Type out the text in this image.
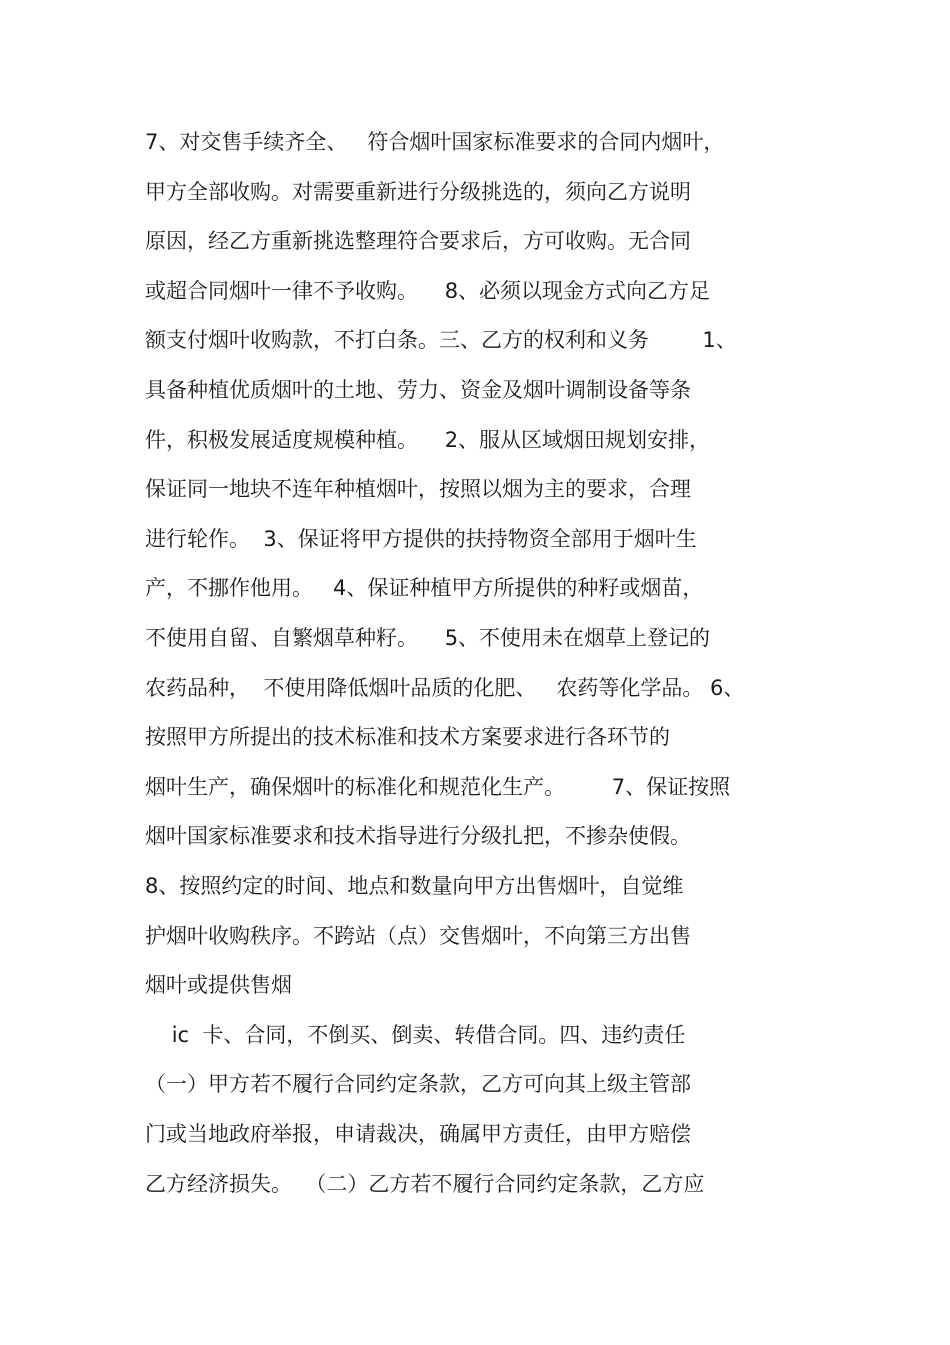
7、对交售手续齐全、   符合烟叶国家标准要求的合同内烟叶，

甲方全部收购。对需要重新进行分级挑选的，须向乙方说明

原因，经乙方重新挑选整理符合要求后，方可收购。无合同

或超合同烟叶一律不予收购。    8、必须以现金方式向乙方足

额支付烟叶收购款，不打白条。三、乙方的权利和义务        1、

具备种植优质烟叶的土地、劳力、资金及烟叶调制设备等条

件，积极发展适度规模种植。    2、服从区域烟田规划安排，

保证同一地块不连年种植烟叶，按照以烟为主的要求，合理

进行轮作。  3、保证将甲方提供的扶持物资全部用于烟叶生

产，不挪作他用。   4、保证种植甲方所提供的种籽或烟苗，

不使用自留、自繁烟草种籽。    5、不使用未在烟草上登记的

农药品种，  不使用降低烟叶品质的化肥、   农药等化学品。 6、

按照甲方所提出的技术标准和技术方案要求进行各环节的

烟叶生产，确保烟叶的标准化和规范化生产。       7、保证按照

烟叶国家标准要求和技术指导进行分级扎把，不掺杂使假。

8、按照约定的时间、地点和数量向甲方出售烟叶，自觉维

护烟叶收购秩序。不跨站（点）交售烟叶，不向第三方出售

烟叶或提供售烟

ic  卡、合同，不倒买、倒卖、转借合同。四、违约责任

（一）甲方若不履行合同约定条款，乙方可向其上级主管部

门或当地政府举报，申请裁决，确属甲方责任，由甲方赔偿

乙方经济损失。  （二）乙方若不履行合同约定条款，乙方应
